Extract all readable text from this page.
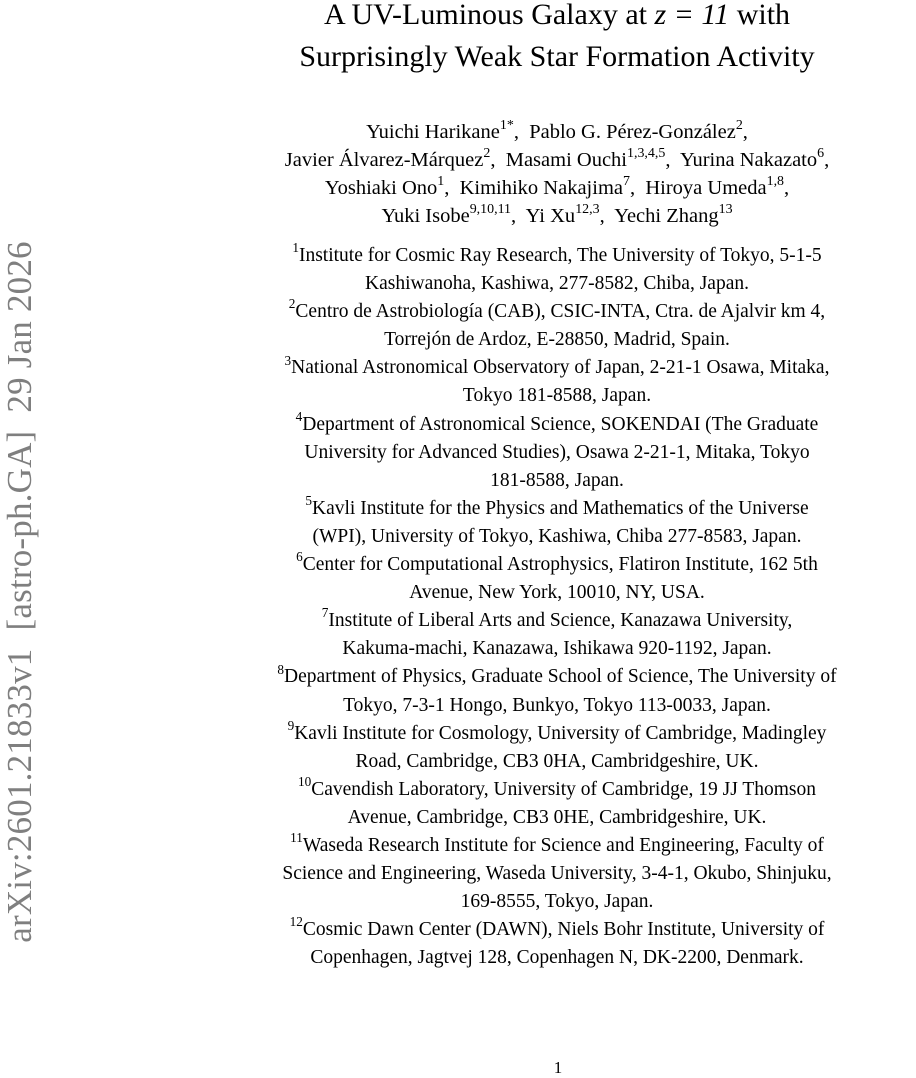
arXiv:2601.21833v1[astro-ph.GA]29 Jan 2026
A UV-Luminous Galaxy at z = 11 with
Surprisingly Weak Star Formation Activity
Yuichi Harikane$^{1*}$,  Pablo G. Pérez-González$^2$,
Javier Álvarez-Márquez$^2$,  Masami Ouchi$^{1,3,4,5}$,  Yurina Nakazato$^6$,
Yoshiaki Ono$^1$,  Kimihiko Nakajima$^7$,  Hiroya Umeda$^{1,8}$,
Yuki Isobe$^{9,10,11}$,  Yi Xu$^{12,3}$,  Yechi Zhang$^{13}$
$^1$Institute for Cosmic Ray Research, The University of Tokyo, 5-1-5
Kashiwanoha, Kashiwa, 277-8582, Chiba, Japan.
$^2$Centro de Astrobiología (CAB), CSIC-INTA, Ctra. de Ajalvir km 4,
Torrejón de Ardoz, E-28850, Madrid, Spain.
$^3$National Astronomical Observatory of Japan, 2-21-1 Osawa, Mitaka,
Tokyo 181-8588, Japan.
$^4$Department of Astronomical Science, SOKENDAI (The Graduate
University for Advanced Studies), Osawa 2-21-1, Mitaka, Tokyo
181-8588, Japan.
$^5$Kavli Institute for the Physics and Mathematics of the Universe
(WPI), University of Tokyo, Kashiwa, Chiba 277-8583, Japan.
$^6$Center for Computational Astrophysics, Flatiron Institute, 162 5th
Avenue, New York, 10010, NY, USA.
$^7$Institute of Liberal Arts and Science, Kanazawa University,
Kakuma-machi, Kanazawa, Ishikawa 920-1192, Japan.
$^8$Department of Physics, Graduate School of Science, The University of
Tokyo, 7-3-1 Hongo, Bunkyo, Tokyo 113-0033, Japan.
$^9$Kavli Institute for Cosmology, University of Cambridge, Madingley
Road, Cambridge, CB3 0HA, Cambridgeshire, UK.
$^{10}$Cavendish Laboratory, University of Cambridge, 19 JJ Thomson
Avenue, Cambridge, CB3 0HE, Cambridgeshire, UK.
$^{11}$Waseda Research Institute for Science and Engineering, Faculty of
Science and Engineering, Waseda University, 3-4-1, Okubo, Shinjuku,
169-8555, Tokyo, Japan.
$^{12}$Cosmic Dawn Center (DAWN), Niels Bohr Institute, University of
Copenhagen, Jagtvej 128, Copenhagen N, DK-2200, Denmark.
1
